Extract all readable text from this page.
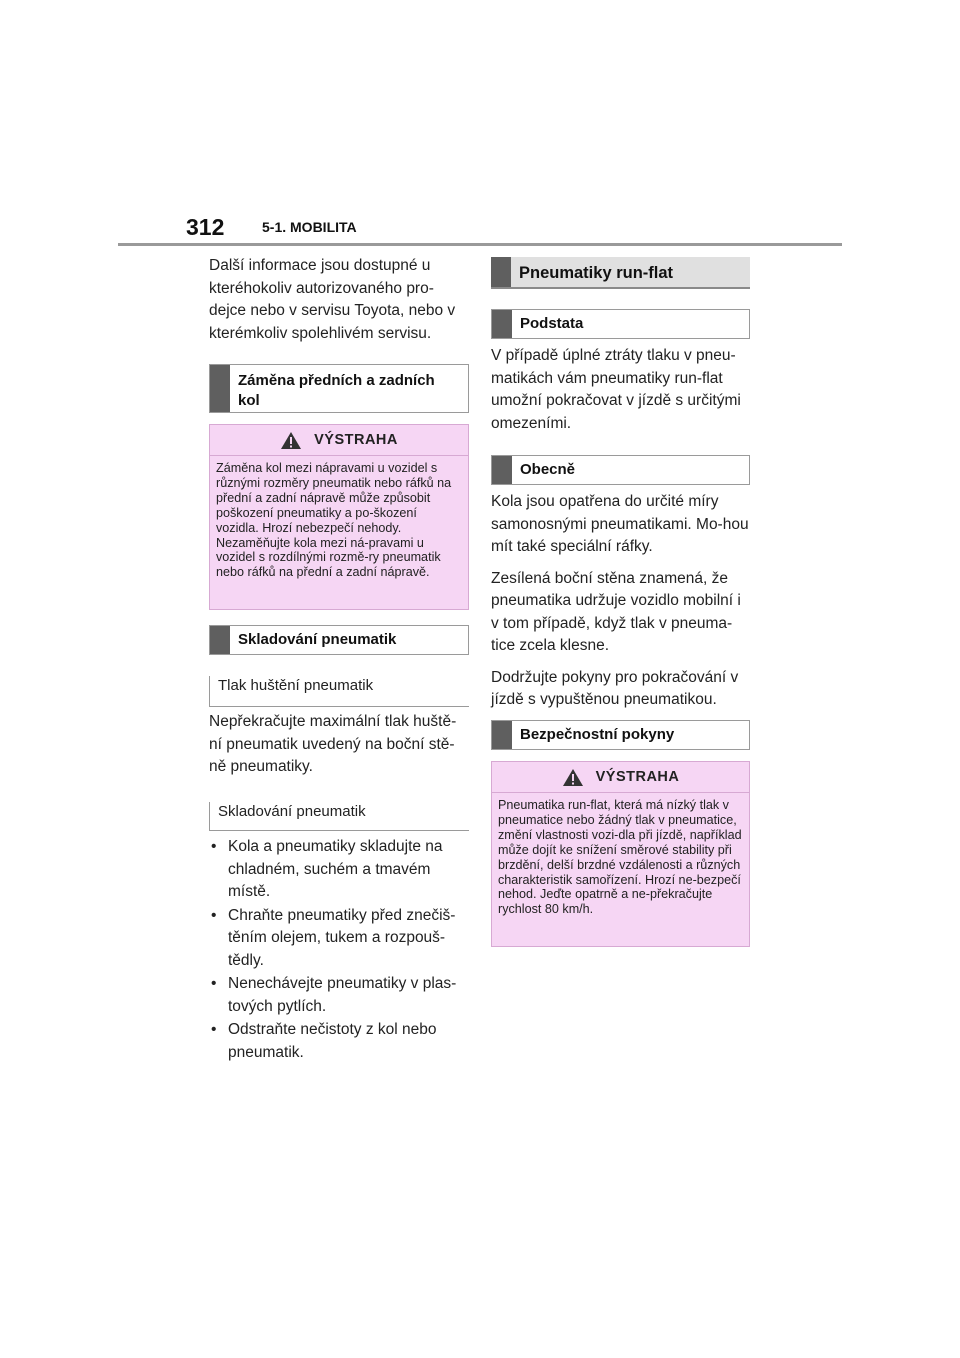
312	5-1. MOBILITA

Další informace jsou dostupné u kteréhokoliv autorizovaného pro-dejce nebo v servisu Toyota, nebo v kterémkoliv spolehlivém servisu.

Záměna předních a zadních kol
VÝSTRAHA
Záměna kol mezi nápravami u vozidel s různými rozměry pneumatik nebo ráfků na přední a zadní nápravě může způsobit poškození pneumatiky a po-škození vozidla. Hrozí nebezpečí nehody. Nezaměňujte kola mezi ná-pravami u vozidel s rozdílnými rozmě-ry pneumatik nebo ráfků na přední a zadní nápravě.
Skladování pneumatik
Tlak huštění pneumatik

Nepřekračujte maximální tlak huště-ní pneumatik uvedený na boční stě-ně pneumatiky.

Skladování pneumatik
• Kola a pneumatiky skladujte na chladném, suchém a tmavém místě.
• Chraňte pneumatiky před znečiš-těním olejem, tukem a rozpouš-tědly.
• Nenechávejte pneumatiky v plas-tových pytlích.
• Odstraňte nečistoty z kol nebo pneumatik.
Pneumatiky run-flat
Podstata

V případě úplné ztráty tlaku v pneu-matikách vám pneumatiky run-flat umožní pokračovat v jízdě s určitými omezeními.

Obecně

Kola jsou opatřena do určité míry samonosnými pneumatikami. Mo-hou mít také speciální ráfky.

Zesílená boční stěna znamená, že pneumatika udržuje vozidlo mobilní i v tom případě, když tlak v pneuma-tice zcela klesne.

Dodržujte pokyny pro pokračování v jízdě s vypuštěnou pneumatikou.

Bezpečnostní pokyny
VÝSTRAHA
Pneumatika run-flat, která má nízký tlak v pneumatice nebo žádný tlak v pneumatice, změní vlastnosti vozi-dla při jízdě, například může dojít ke snížení směrové stability při brzdění, delší brzdné vzdálenosti a různých charakteristik samořízení. Hrozí ne-bezpečí nehod. Jeďte opatrně a ne-překračujte rychlost 80 km/h.
